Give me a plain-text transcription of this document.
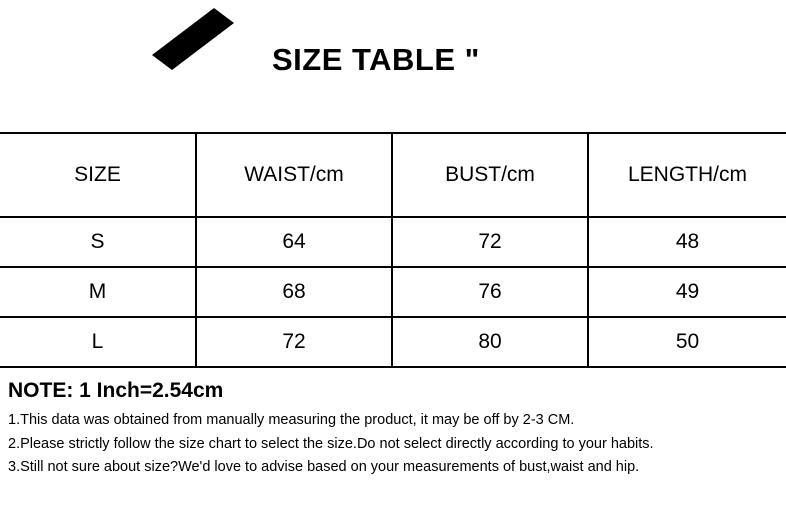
SIZE TABLE "
SIZE	WAIST/cm	BUST/cm	LENGTH/cm
S	64	72	48
M	68	76	49
L	72	80	50
NOTE: 1 Inch=2.54cm
1.This data was obtained from manually measuring the product, it may be off by 2-3 CM.
2.Please strictly follow the size chart to select the size.Do not select directly according to your habits.
3.Still not sure about size?We'd love to advise based on your measurements of bust,waist and hip.
